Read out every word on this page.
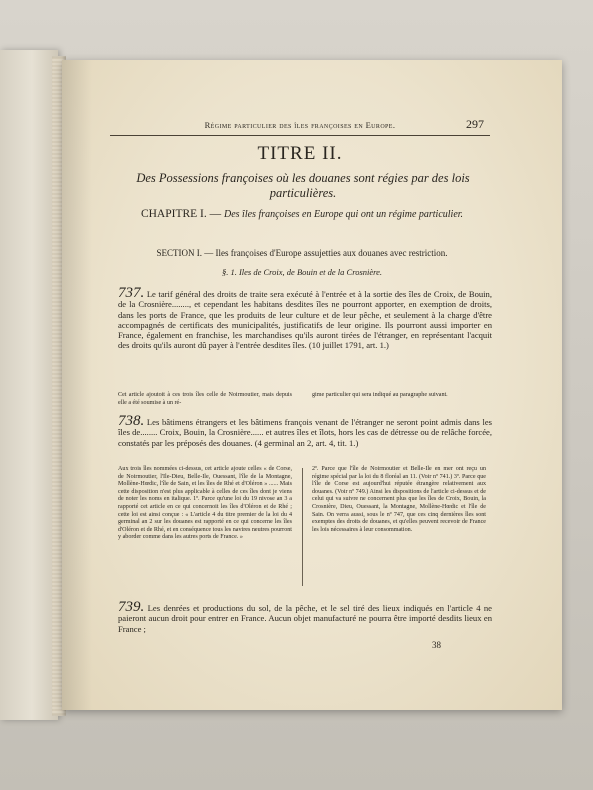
Régime particulier des îles françoises en Europe.	297
TITRE II.
Des Possessions françoises où les douanes sont régies par des lois particulières.
CHAPITRE I. — Des îles françoises en Europe qui ont un régime particulier.
SECTION I. — Iles françoises d'Europe assujetties aux douanes avec restriction.
§. 1. Iles de Croix, de Bouin et de la Crosnière.
737. Le tarif général des droits de traite sera exécuté à l'entrée et à la sortie des îles de Croix, de Bouin, de la Crosnière........, et cependant les habitans desdites îles ne pourront apporter, en exemption de droits, dans les ports de France, que les produits de leur culture et de leur pêche, et seulement à la charge d'être accompagnés de certificats des municipalités, justificatifs de leur origine. Ils pourront aussi importer en France, également en franchise, les marchandises qu'ils auront tirées de l'étranger, en représentant l'acquit des droits qu'ils auront dû payer à l'entrée desdites îles. (10 juillet 1791, art. 1.)
Cet article ajoutoit à ces trois îles celle de Noirmoutier, mais depuis elle a été soumise à un ré-
gime particulier qui sera indiqué au paragraphe suivant.
738. Les bâtimens étrangers et les bâtimens françois venant de l'étranger ne seront point admis dans les îles de........ Croix, Bouin, la Crosnière...... et autres îles et îlots, hors les cas de détresse ou de relâche forcée, constatés par les préposés des douanes. (4 germinal an 2, art. 4, tit. 1.)
Aux trois îles nommées ci-dessus, cet article ajoute celles « de Corse, de Noirmoutier, l'Ile-Dieu, Belle-Ile, Ouessant, l'île de la Montagne, Mollène-Hœdic, l'île de Sain, et les îles de Rhé et d'Oléron » ...... Mais cette disposition n'est plus applicable à celles de ces îles dont je viens de noter les noms en italique. 1º. Parce qu'une loi du 19 nivose an 3 a rapporté cet article en ce qui concernoit les îles d'Oléron et de Rhé ; cette loi est ainsi conçue : « L'article 4 du titre premier de la loi du 4 germinal an 2 sur les douanes est rapporté en ce qui concerne les îles d'Oléron et de Rhé, et en conséquence tous les navires neutres pourront y aborder comme dans les autres ports de France. »
2º. Parce que l'île de Noirmoutier et Belle-Ile en mer ont reçu un régime spécial par la loi du 8 floréal an 11. (Voir nº 741.) 3º. Parce que l'île de Corse est aujourd'hui réputée étrangère relativement aux douanes. (Voir nº 749.) Ainsi les dispositions de l'article ci-dessus et de celui qui va suivre ne concernent plus que les îles de Croix, Bouin, la Crosnière, Dieu, Ouessant, la Montagne, Mollène-Hœdic et l'île de Sain. On verra aussi, sous le nº 747, que ces cinq dernières îles sont exemptes des droits de douanes, et qu'elles peuvent recevoir de France les lois nécessaires à leur consommation.
739. Les denrées et productions du sol, de la pêche, et le sel tiré des lieux indiqués en l'article 4 ne paieront aucun droit pour entrer en France. Aucun objet manufacturé ne pourra être importé desdits lieux en France ;
38
